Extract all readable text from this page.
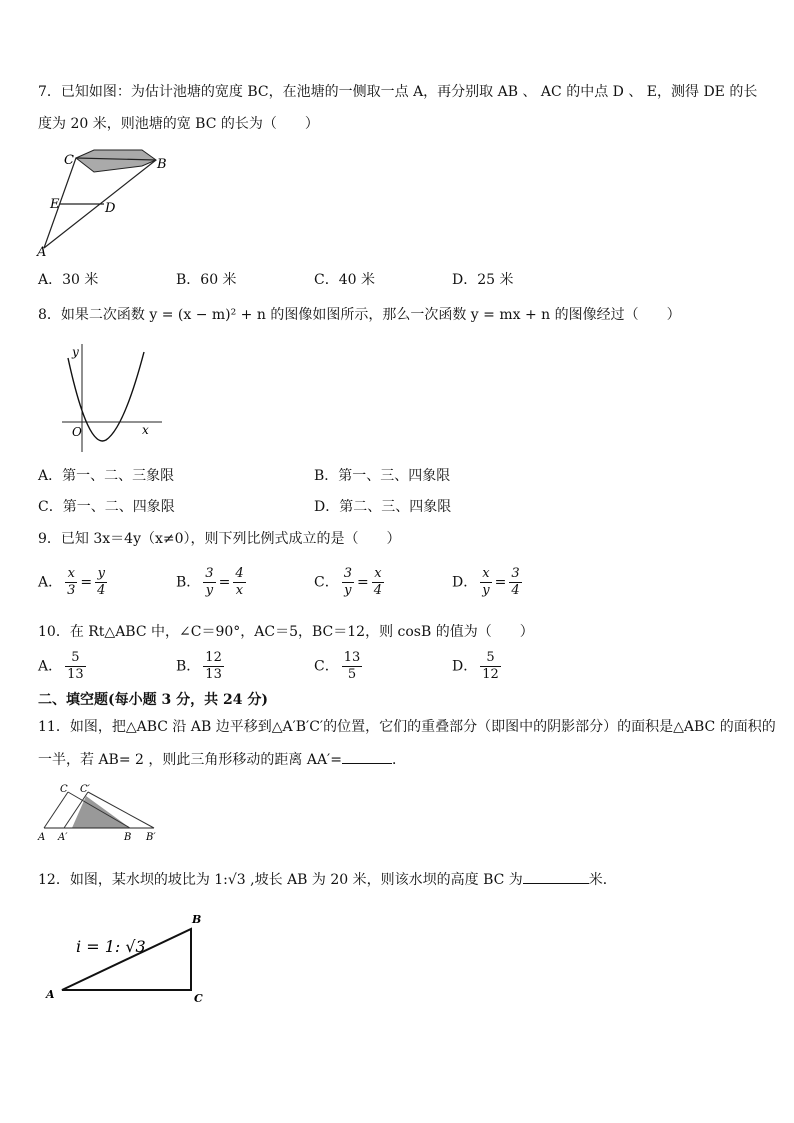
7．已知如图：为估计池塘的宽度 BC，在池塘的一侧取一点 A，再分别取 AB 、 AC 的中点 D 、 E，测得 DE 的长
度为 20 米，则池塘的宽 BC 的长为（　　）
C	B
E	D
A
A．30 米	B．60 米	C．40 米	D．25 米
8．如果二次函数 y = (x − m)² + n 的图像如图所示，那么一次函数 y = mx + n 的图像经过（　　）
y
O	x
A．第一、二、三象限	B．第一、三、四象限
C．第一、二、四象限	D．第二、三、四象限
9．已知 3x＝4y（x≠0），则下列比例式成立的是（　　）
A． $\frac{x}{3} = \frac{y}{4}$	B． $\frac{3}{y} = \frac{4}{x}$	C． $\frac{3}{y} = \frac{x}{4}$	D． $\frac{x}{y} = \frac{3}{4}$
10．在 Rt△ABC 中，∠C＝90°，AC＝5，BC＝12，则 cosB 的值为（　　）
A． $\frac{5}{13}$	B． $\frac{12}{13}$	C． $\frac{13}{5}$	D． $\frac{5}{12}$
二、填空题(每小题 3 分，共 24 分)
11．如图，把△ABC 沿 AB 边平移到△A′B′C′的位置，它们的重叠部分（即图中的阴影部分）的面积是△ABC 的面积的
一半，若 AB= 2 ，则此三角形移动的距离 AA′=	．
C C′
A A′	B B′
12．如图，某水坝的坡比为 1:√3 ,坡长 AB 为 20 米，则该水坝的高度 BC 为	米．
i = 1: √3
B
A	C
